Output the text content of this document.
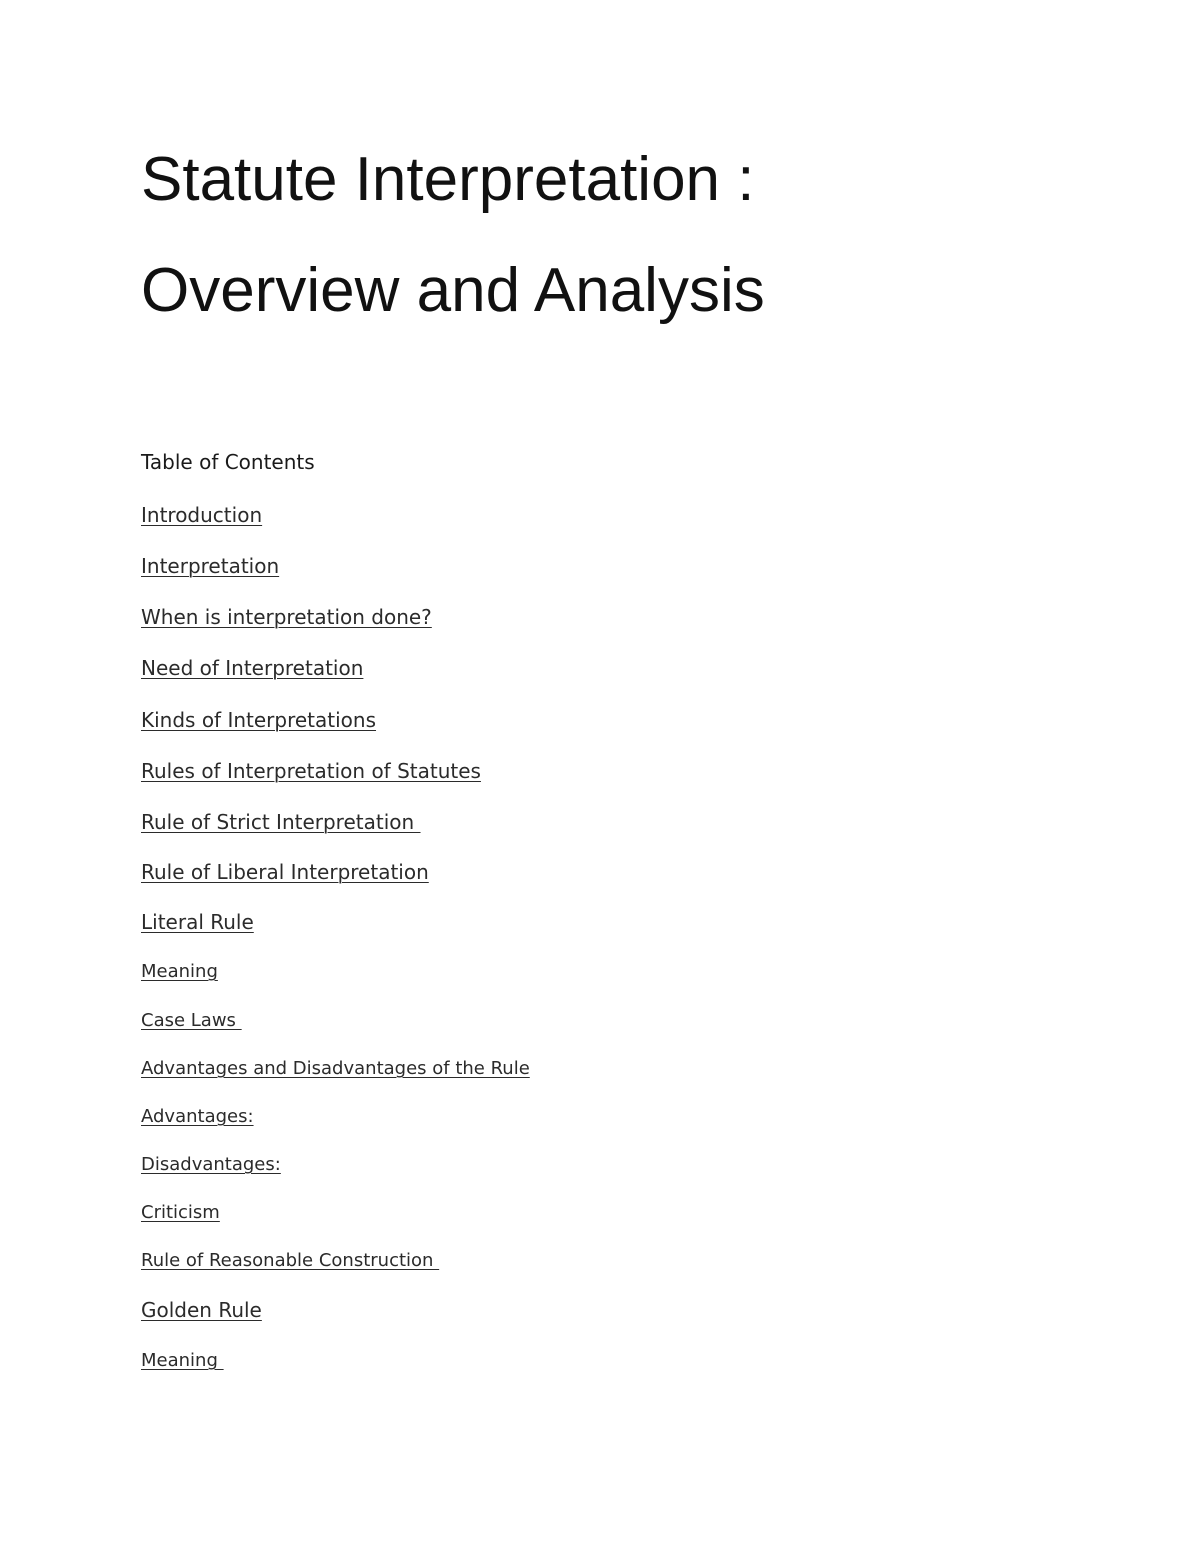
Statute Interpretation :
Overview and Analysis
Table of Contents
Introduction
Interpretation
When is interpretation done?
Need of Interpretation
Kinds of Interpretations
Rules of Interpretation of Statutes
Rule of Strict Interpretation
Rule of Liberal Interpretation
Literal Rule
Meaning
Case Laws
Advantages and Disadvantages of the Rule
Advantages:
Disadvantages:
Criticism
Rule of Reasonable Construction
Golden Rule
Meaning
